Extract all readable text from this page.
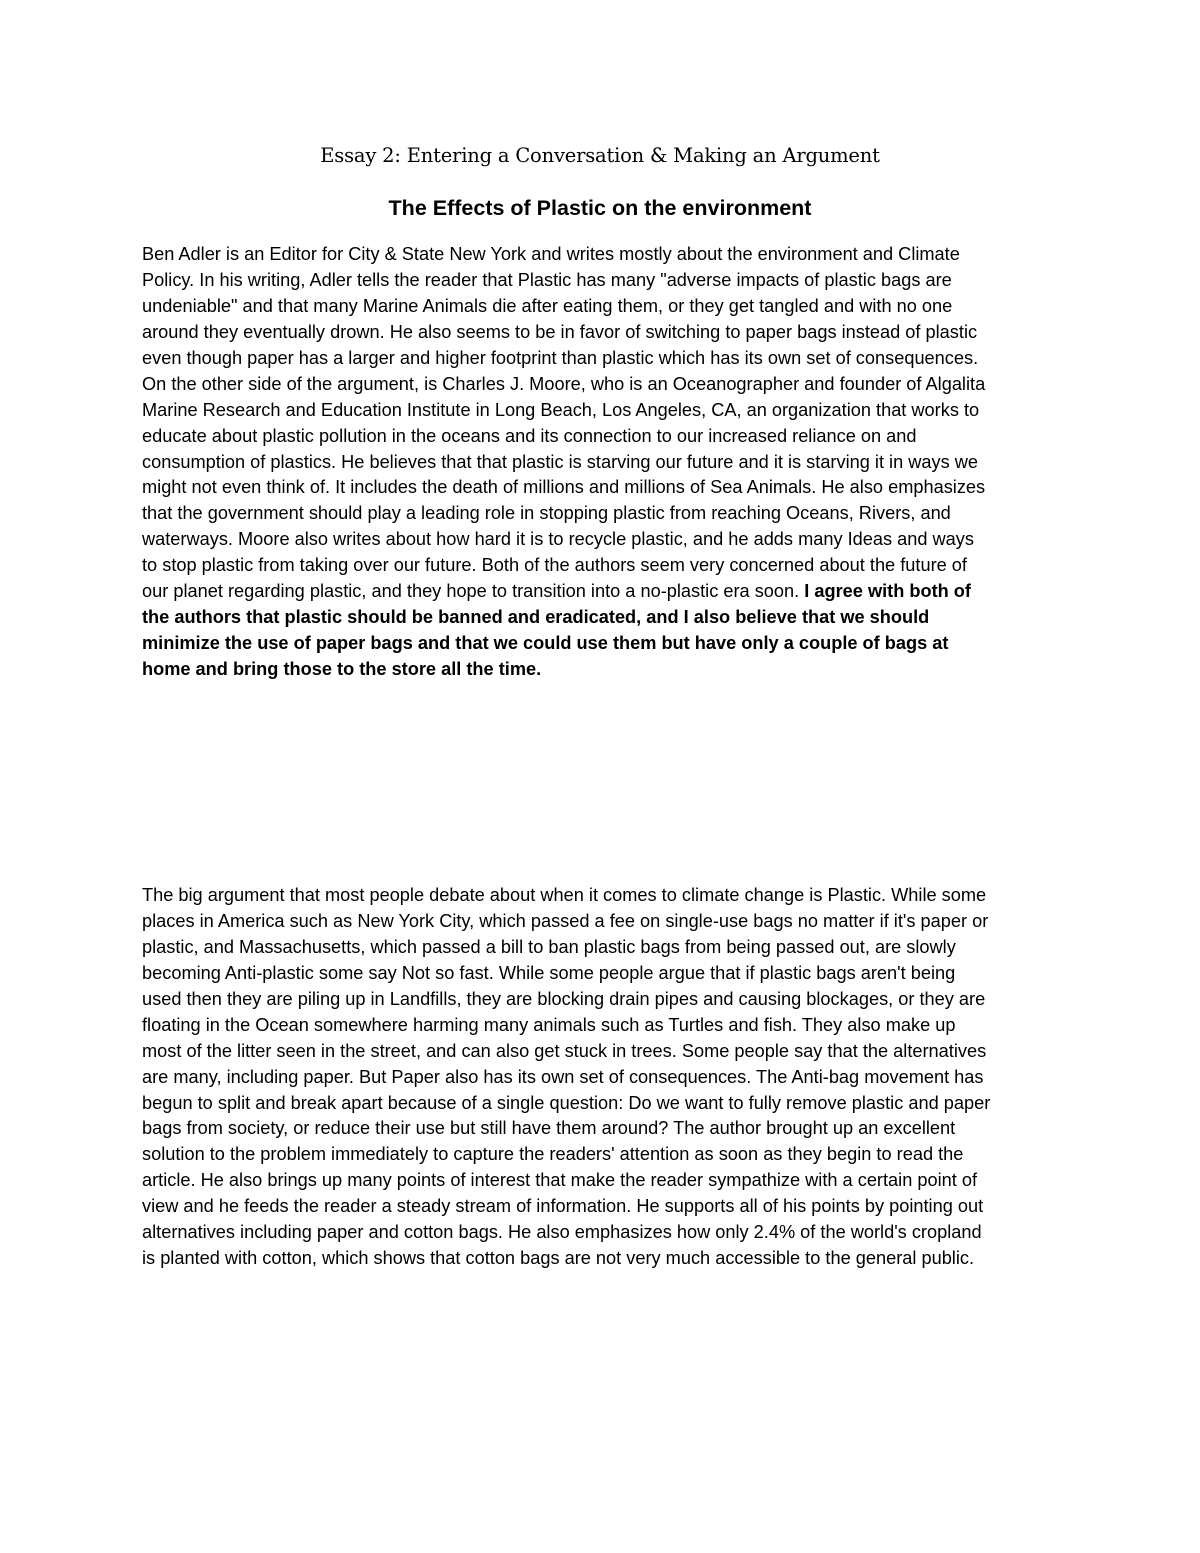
Essay 2: Entering a Conversation & Making an Argument
The Effects of Plastic on the environment
Ben Adler is an Editor for City & State New York and writes mostly about the environment and Climate
Policy. In his writing, Adler tells the reader that Plastic has many "adverse impacts of plastic bags are
undeniable" and that many Marine Animals die after eating them, or they get tangled and with no one
around they eventually drown. He also seems to be in favor of switching to paper bags instead of plastic
even though paper has a larger and higher footprint than plastic which has its own set of consequences.
On the other side of the argument, is Charles J. Moore, who is an Oceanographer and founder of Algalita
Marine Research and Education Institute in Long Beach, Los Angeles, CA, an organization that works to
educate about plastic pollution in the oceans and its connection to our increased reliance on and
consumption of plastics. He believes that that plastic is starving our future and it is starving it in ways we
might not even think of. It includes the death of millions and millions of Sea Animals. He also emphasizes
that the government should play a leading role in stopping plastic from reaching Oceans, Rivers, and
waterways. Moore also writes about how hard it is to recycle plastic, and he adds many Ideas and ways
to stop plastic from taking over our future. Both of the authors seem very concerned about the future of
our planet regarding plastic, and they hope to transition into a no-plastic era soon. I agree with both of
the authors that plastic should be banned and eradicated, and I also believe that we should
minimize the use of paper bags and that we could use them but have only a couple of bags at
home and bring those to the store all the time.
The big argument that most people debate about when it comes to climate change is Plastic. While some
places in America such as New York City, which passed a fee on single-use bags no matter if it's paper or
plastic, and Massachusetts, which passed a bill to ban plastic bags from being passed out, are slowly
becoming Anti-plastic some say Not so fast. While some people argue that if plastic bags aren't being
used then they are piling up in Landfills, they are blocking drain pipes and causing blockages, or they are
floating in the Ocean somewhere harming many animals such as Turtles and fish. They also make up
most of the litter seen in the street, and can also get stuck in trees. Some people say that the alternatives
are many, including paper. But Paper also has its own set of consequences. The Anti-bag movement has
begun to split and break apart because of a single question: Do we want to fully remove plastic and paper
bags from society, or reduce their use but still have them around? The author brought up an excellent
solution to the problem immediately to capture the readers' attention as soon as they begin to read the
article. He also brings up many points of interest that make the reader sympathize with a certain point of
view and he feeds the reader a steady stream of information. He supports all of his points by pointing out
alternatives including paper and cotton bags. He also emphasizes how only 2.4% of the world's cropland
is planted with cotton, which shows that cotton bags are not very much accessible to the general public.
